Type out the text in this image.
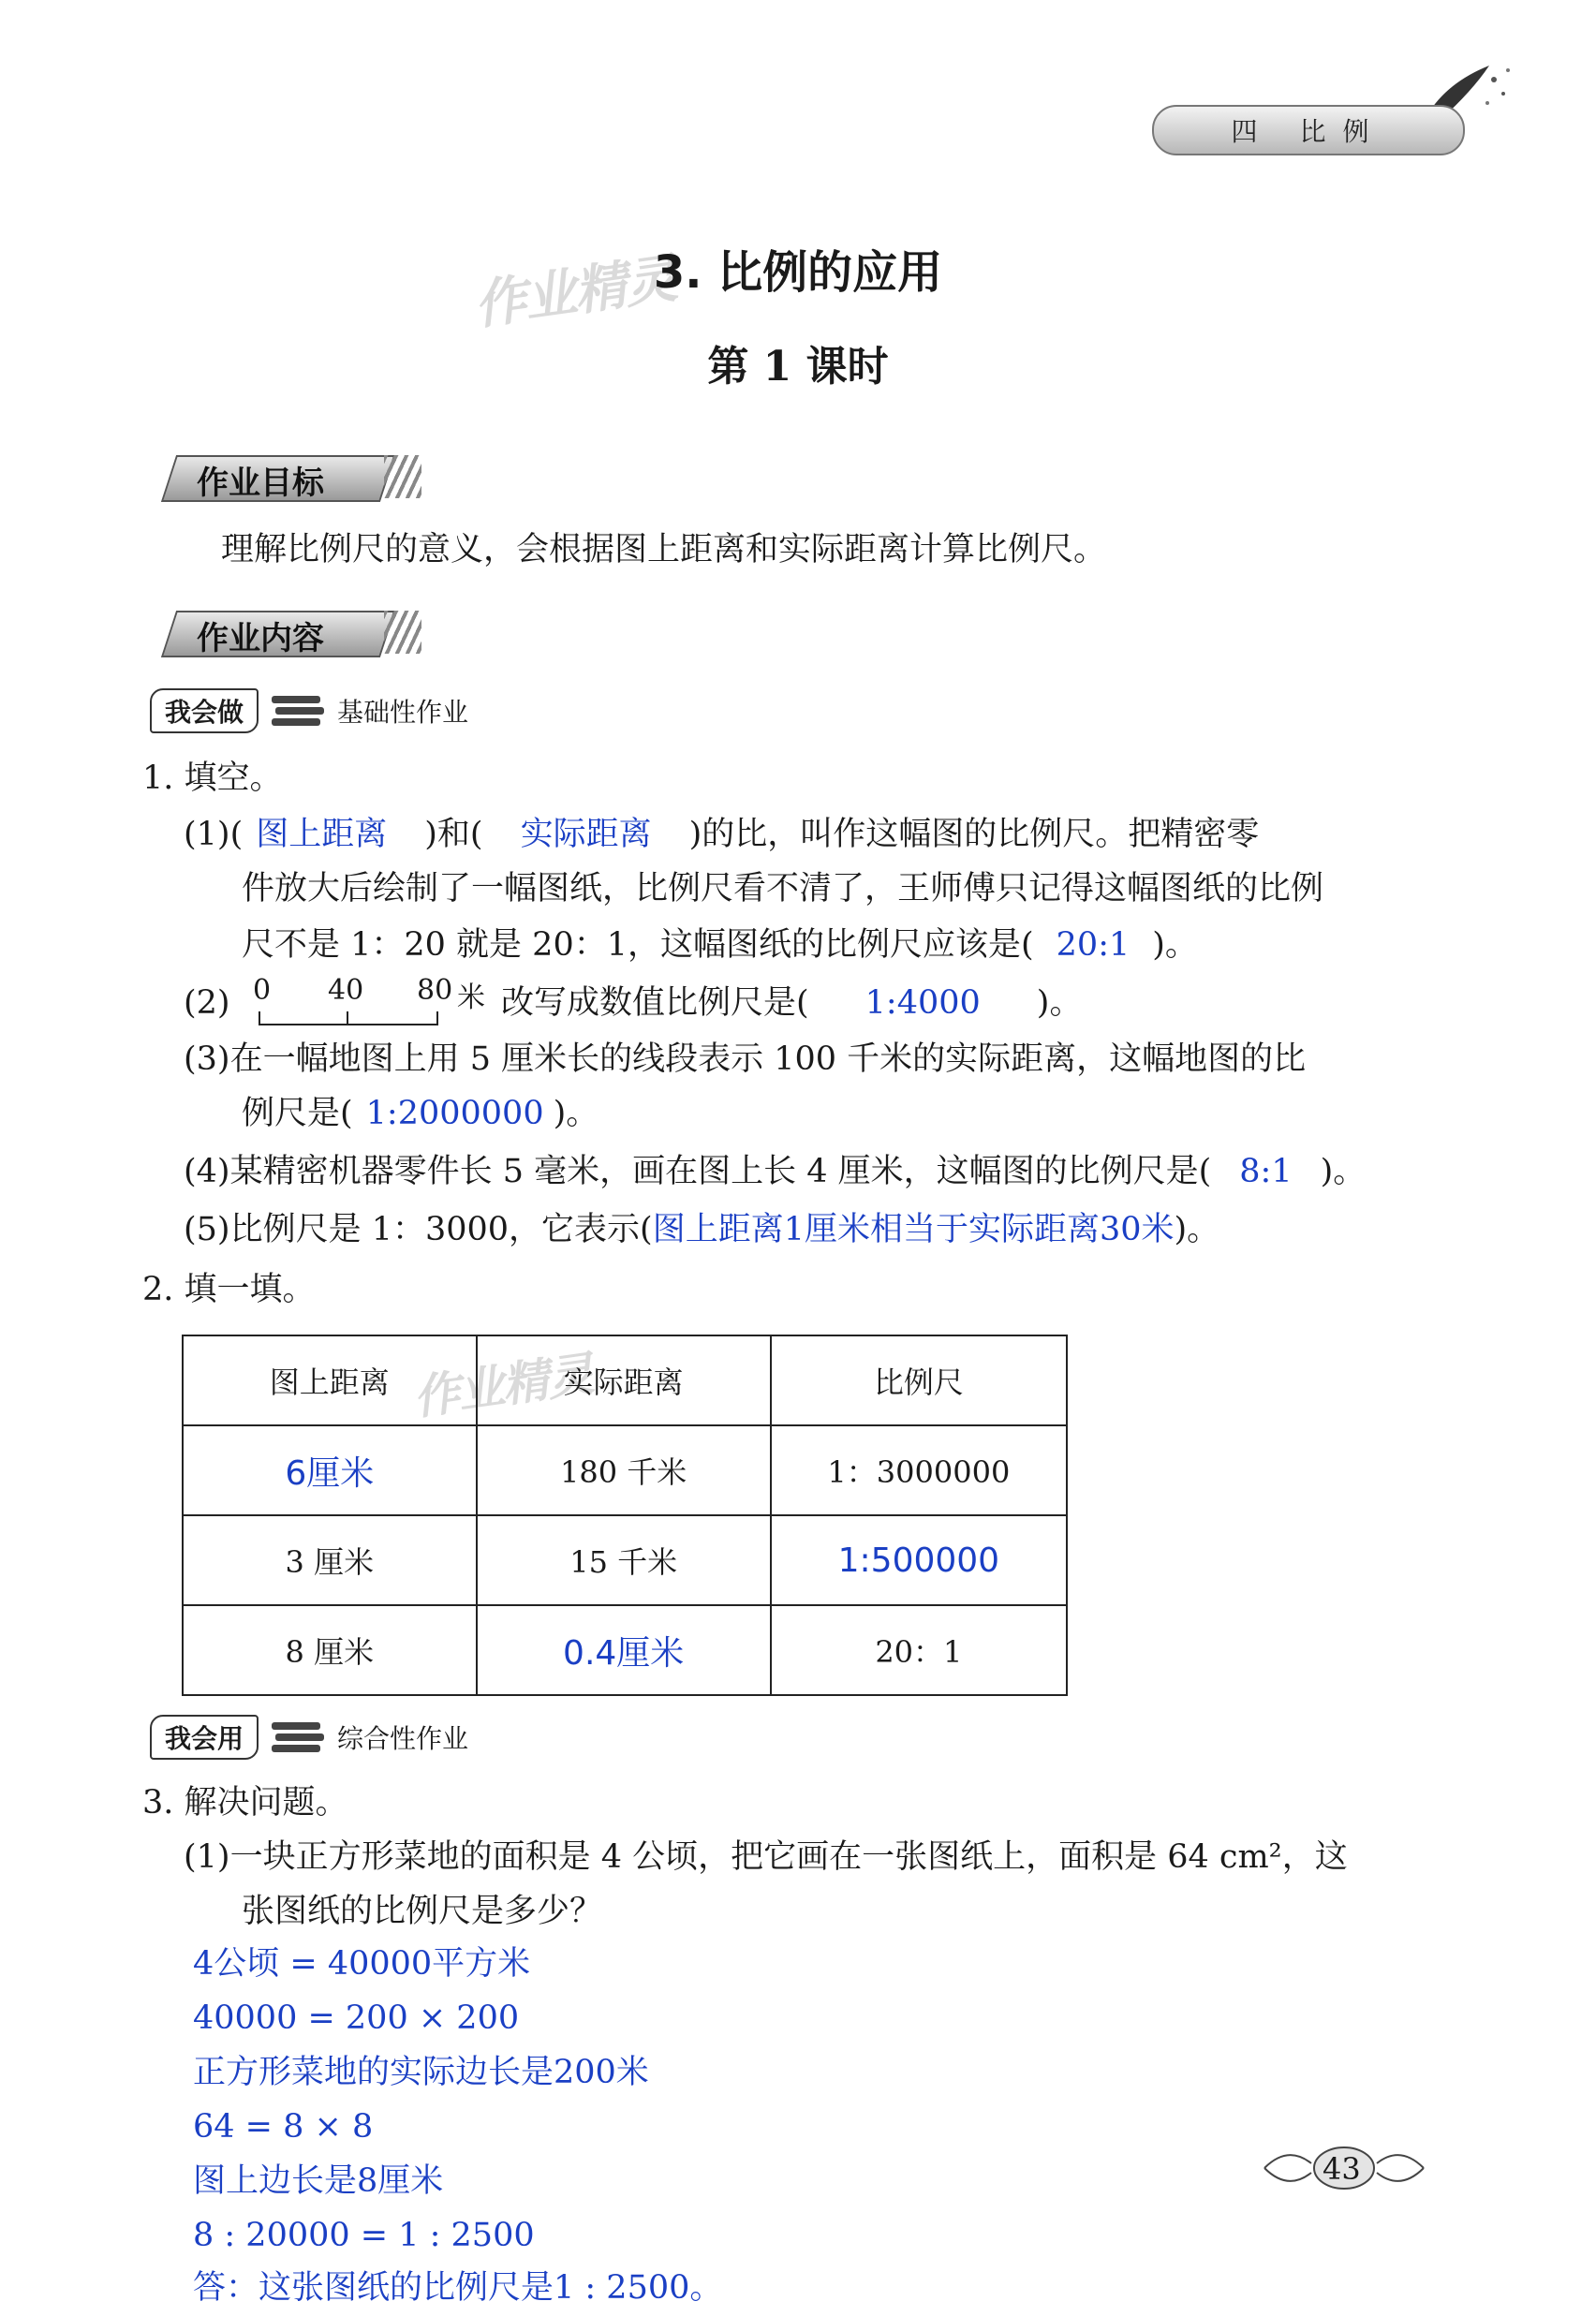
四 比例
作业精灵
3. 比例的应用
第 1 课时
作业目标
理解比例尺的意义，会根据图上距离和实际距离计算比例尺。
作业内容
我会做	基础性作业
1. 填空。
(1)( 图上距离 )和( 实际距离 )的比，叫作这幅图的比例尺。把精密零
件放大后绘制了一幅图纸，比例尺看不清了，王师傅只记得这幅图纸的比例
尺不是 1：20 就是 20：1，这幅图纸的比例尺应该是( 20:1 )。
(2) 0 40 80 米 改写成数值比例尺是( 1:4000 )。
(3)在一幅地图上用 5 厘米长的线段表示 100 千米的实际距离，这幅地图的比
例尺是( 1:2000000 )。
(4)某精密机器零件长 5 毫米，画在图上长 4 厘米，这幅图的比例尺是( 8:1 )。
(5)比例尺是 1：3000，它表示(图上距离1厘米相当于实际距离30米)。
2. 填一填。
作业精灵
图上距离	实际距离	比例尺
6厘米	180 千米	1：3000000
3 厘米	15 千米	1:500000
8 厘米	0.4厘米	20：1
我会用	综合性作业
3. 解决问题。
(1)一块正方形菜地的面积是 4 公顷，把它画在一张图纸上，面积是 64 cm²，这
张图纸的比例尺是多少？
4公顷 = 40000平方米
40000 = 200 × 200
正方形菜地的实际边长是200米
64 = 8 × 8
图上边长是8厘米
8 : 20000 = 1 : 2500
答：这张图纸的比例尺是1 : 2500。
43
